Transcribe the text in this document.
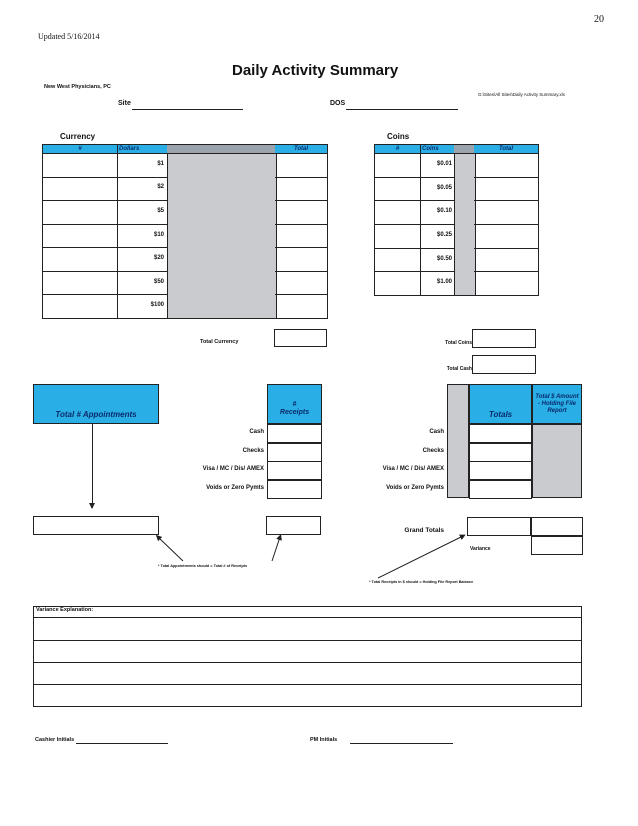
20
Updated 5/16/2014
Daily Activity Summary
New West Physicians, PC
G:\Sites\All Sites\Daily Activity Summary.xls
Site	DOS
Currency
#	Dollars	Total
$1
$2
$5
$10
$20
$50
$100
Total Currency
Coins
#	Coins	Total
$0.01
$0.05
$0.10
$0.25
$0.50
$1.00
Total Coins
Total Cash
Total # Appointments
#
Receipts
Cash
Checks
Visa / MC / Dis/ AMEX
Voids or Zero Pymts
Totals
Total $ Amount - Holding File Report
Cash
Checks
Visa / MC / Dis/ AMEX
Voids or Zero Pymts
Grand Totals
Variance
* Total Appointments should = Total # of Receipts
* Total Receipts in $ should = Holding File Report Balance
Variance Explanation:
Cashier Initials	PM Initials
